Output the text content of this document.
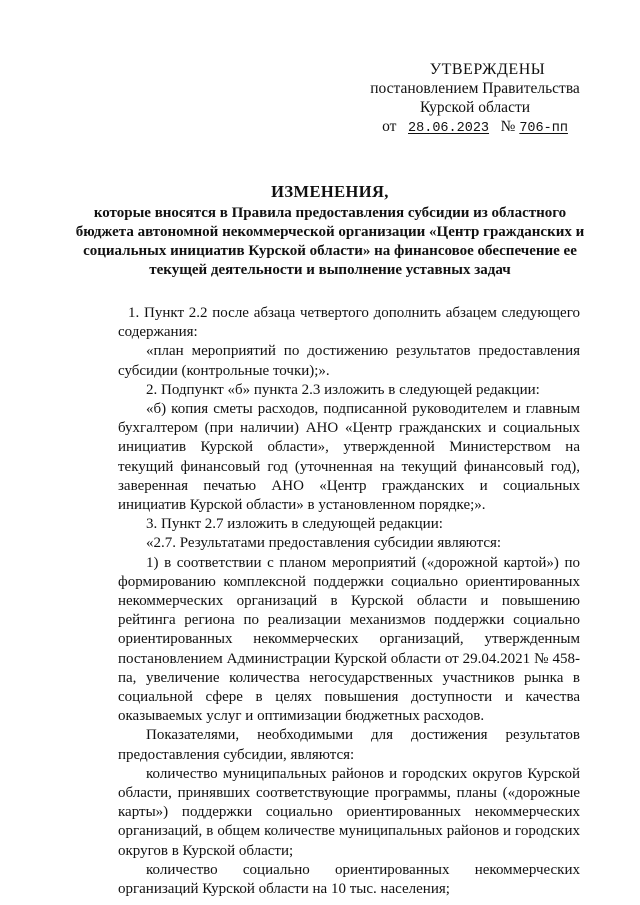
УТВЕРЖДЕНЫ
постановлением Правительства
Курской области
от 28.06.2023 № 706-пп
ИЗМЕНЕНИЯ,
которые вносятся в Правила предоставления субсидии из областного бюджета автономной некоммерческой организации «Центр гражданских и социальных инициатив Курской области» на финансовое обеспечение ее текущей деятельности и выполнение уставных задач

1. Пункт 2.2 после абзаца четвертого дополнить абзацем следующего содержания:

«план мероприятий по достижению результатов предоставления субсидии (контрольные точки);».

2. Подпункт «б» пункта 2.3 изложить в следующей редакции:

«б) копия сметы расходов, подписанной руководителем и главным бухгалтером (при наличии) АНО «Центр гражданских и социальных инициатив Курской области», утвержденной Министерством на текущий финансовый год (уточненная на текущий финансовый год), заверенная печатью АНО «Центр гражданских и социальных инициатив Курской области» в установленном порядке;».

3. Пункт 2.7 изложить в следующей редакции:

«2.7. Результатами предоставления субсидии являются:

1) в соответствии с планом мероприятий («дорожной картой») по формированию комплексной поддержки социально ориентированных некоммерческих организаций в Курской области и повышению рейтинга региона по реализации механизмов поддержки социально ориентированных некоммерческих организаций, утвержденным постановлением Администрации Курской области от 29.04.2021 № 458-па, увеличение количества негосударственных участников рынка в социальной сфере в целях повышения доступности и качества оказываемых услуг и оптимизации бюджетных расходов.

Показателями, необходимыми для достижения результатов предоставления субсидии, являются:

количество муниципальных районов и городских округов Курской области, принявших соответствующие программы, планы («дорожные карты») поддержки социально ориентированных некоммерческих организаций, в общем количестве муниципальных районов и городских округов в Курской области;

количество социально ориентированных некоммерческих организаций Курской области на 10 тыс. населения;
